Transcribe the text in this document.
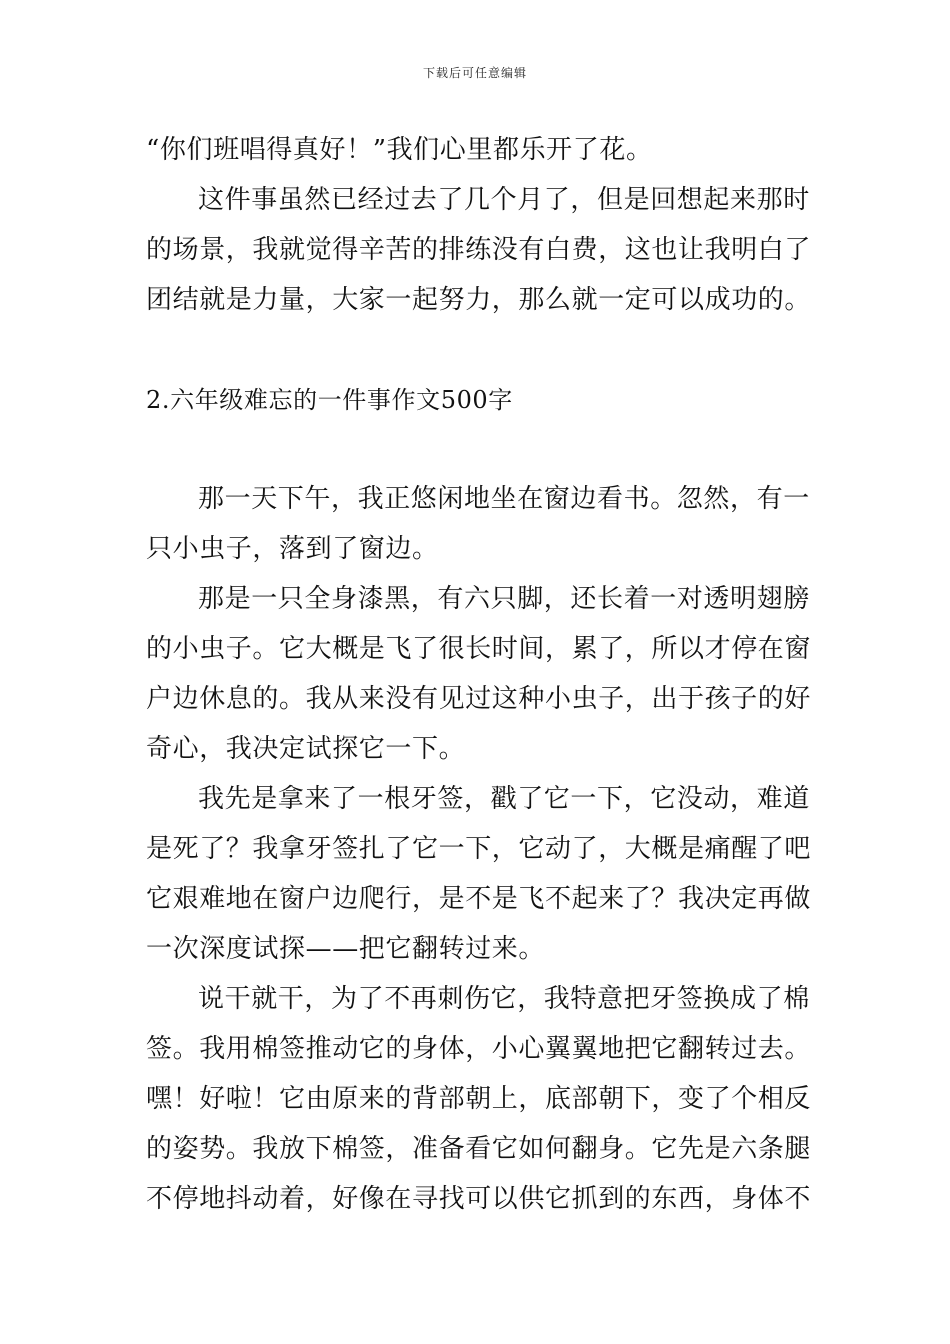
下载后可任意编辑
“你们班唱得真好！”我们心里都乐开了花。
这件事虽然已经过去了几个月了，但是回想起来那时
的场景，我就觉得辛苦的排练没有白费，这也让我明白了
团结就是力量，大家一起努力，那么就一定可以成功的。
2.六年级难忘的一件事作文500字
那一天下午，我正悠闲地坐在窗边看书。忽然，有一
只小虫子，落到了窗边。
那是一只全身漆黑，有六只脚，还长着一对透明翅膀
的小虫子。它大概是飞了很长时间，累了，所以才停在窗
户边休息的。我从来没有见过这种小虫子，出于孩子的好
奇心，我决定试探它一下。
我先是拿来了一根牙签，戳了它一下，它没动，难道
是死了？我拿牙签扎了它一下，它动了，大概是痛醒了吧
它艰难地在窗户边爬行，是不是飞不起来了？我决定再做
一次深度试探——把它翻转过来。
说干就干，为了不再刺伤它，我特意把牙签换成了棉
签。我用棉签推动它的身体，小心翼翼地把它翻转过去。
嘿！好啦！它由原来的背部朝上，底部朝下，变了个相反
的姿势。我放下棉签，准备看它如何翻身。它先是六条腿
不停地抖动着，好像在寻找可以供它抓到的东西，身体不
